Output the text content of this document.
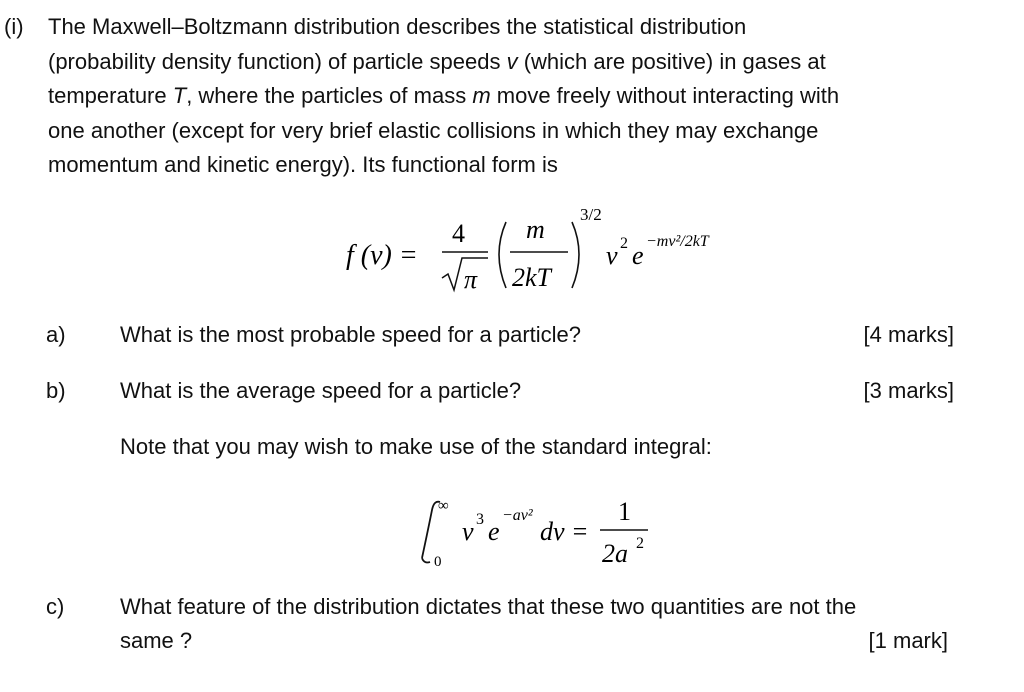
(i)	The Maxwell–Boltzmann distribution describes the statistical distribution
(probability density function) of particle speeds v (which are positive) in gases at
temperature T, where the particles of mass m move freely without interacting with
one another (except for very brief elastic collisions in which they may exchange
momentum and kinetic energy). Its functional form is
f (v) =
4
π
m
2kT
3/2
v 2 e −mv²/2kT
a)	What is the most probable speed for a particle?	[4 marks]
b)	What is the average speed for a particle?	[3 marks]
Note that you may wish to make use of the standard integral:
∞
0
v 3 e
−av²
dv =
1
2a 2
c)	What feature of the distribution dictates that these two quantities are not the
same ?	[1 mark]
